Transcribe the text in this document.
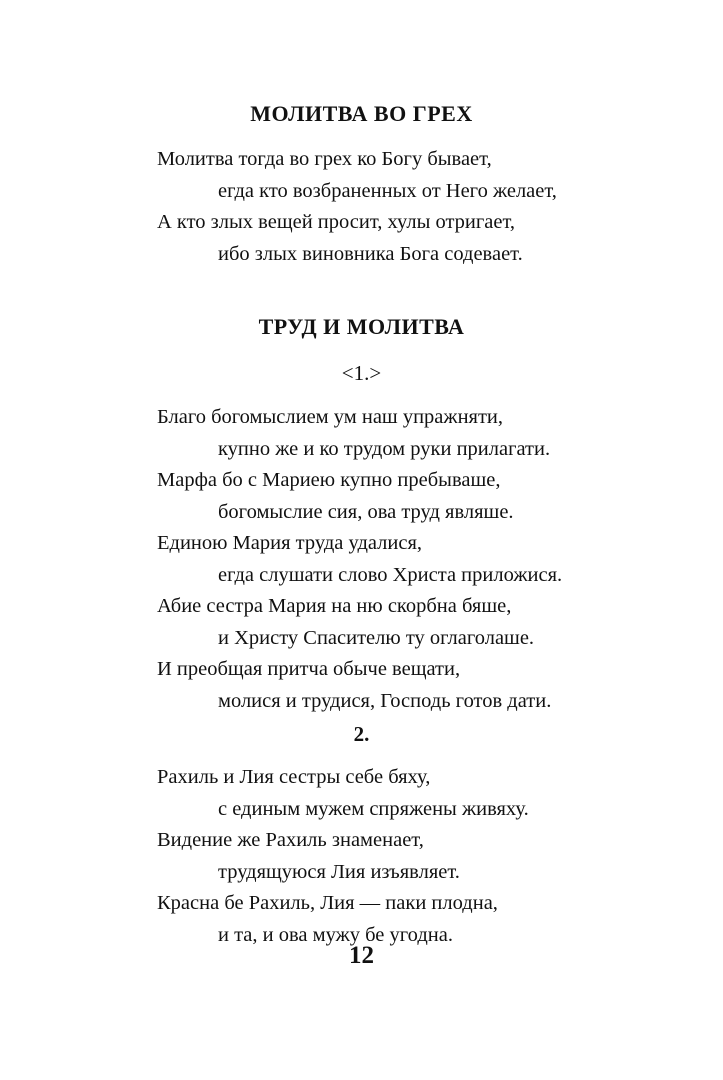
МОЛИТВА ВО ГРЕХ
Молитва тогда во грех ко Богу бывает,
егда кто возбраненных от Него желает,
А кто злых вещей просит, хулы отригает,
ибо злых виновника Бога содевает.
ТРУД И МОЛИТВА

<1.>

Благо богомыслием ум наш упражняти,
купно же и ко трудом руки прилагати.
Марфа бо с Мариею купно пребываше,
богомыслие сия, ова труд являше.
Единою Мария труда удалися,
егда слушати слово Христа приложися.
Абие сестра Мария на ню скорбна бяше,
и Христу Спасителю ту оглаголаше.
И преобщая притча обыче вещати,
молися и трудися, Господь готов дати.

2.

Рахиль и Лия сестры себе бяху,
с единым мужем спряжены живяху.
Видение же Рахиль знаменает,
трудящуюся Лия изъявляет.
Красна бе Рахиль, Лия — паки плодна,
и та, и ова мужу бе угодна.

12
